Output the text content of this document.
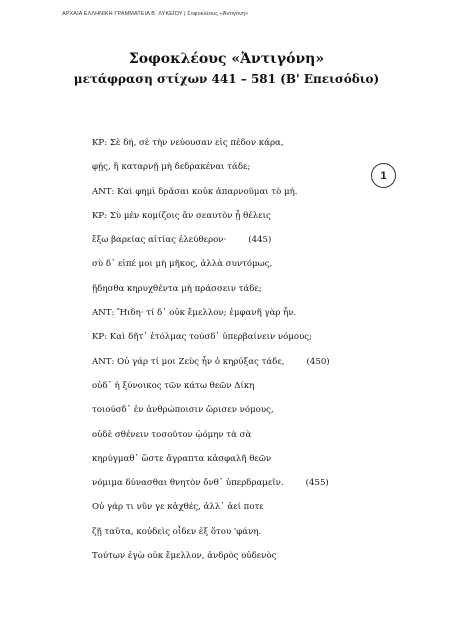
ΑΡΧΑΙΑ ΕΛΛΗΝΙΚΗ ΓΡΑΜΜΑΤΕΙΑ Β΄ ΛΥΚΕΙΟΥ | Σοφοκλέους «Ἀντιγόνη»
Σοφοκλέους «Ἀντιγόνη»
μετάφραση στίχων 441 – 581 (Β' Επεισόδιο)
1
ΚΡ: Σὲ δή, σὲ τὴν νεύουσαν εἰς πέδον κάρα,
φῄς, ἢ καταρνῇ μὴ δεδρακέναι τάδε;
ΑΝΤ: Καὶ φημὶ δρᾶσαι κοὐκ ἀπαρνοῦμαι τὸ μή.
ΚΡ: Σὺ μὲν κομίζοις ἂν σεαυτὸν ᾗ θέλεις
ἔξω βαρείας αἰτίας ἐλεύθερον·	(445)
σὺ δ᾽ εἰπέ μοι μὴ μῆκος, ἀλλὰ συντόμως,
ᾔδησθα κηρυχθέντα μὴ πράσσειν τάδε;
ΑΝΤ: Ἤιδη· τί δ᾽ οὐκ ἔμελλον; ἐμφανῆ γὰρ ἦν.
ΚΡ: Καὶ δῆτ᾽ ἐτόλμας τούσδ᾽ ὑπερβαίνειν νόμους;
ΑΝΤ: Οὐ γάρ τί μοι Ζεὺς ἦν ὁ κηρύξας τάδε,	(450)
οὐδ᾽ ἡ ξύνοικος τῶν κάτω θεῶν Δίκη
τοιούσδ᾽ ἐν ἀνθρώποισιν ὥρισεν νόμους,
οὐδὲ σθένειν τοσοῦτον ᾠόμην τὰ σὰ
κηρύγμαθ᾽ ὥστε ἄγραπτα κἀσφαλῆ θεῶν
νόμιμα δύνασθαι θνητὸν ὄνθ᾽ ὑπερδραμεῖν.	(455)
Οὐ γάρ τι νῦν γε κἀχθές, ἀλλ᾽ ἀεί ποτε
ζῇ ταῦτα, κοὐδεὶς οἶδεν ἐξ ὅτου 'φάνη.
Τούτων ἐγὼ οὐκ ἔμελλον, ἀνδρὸς οὐδενὸς
